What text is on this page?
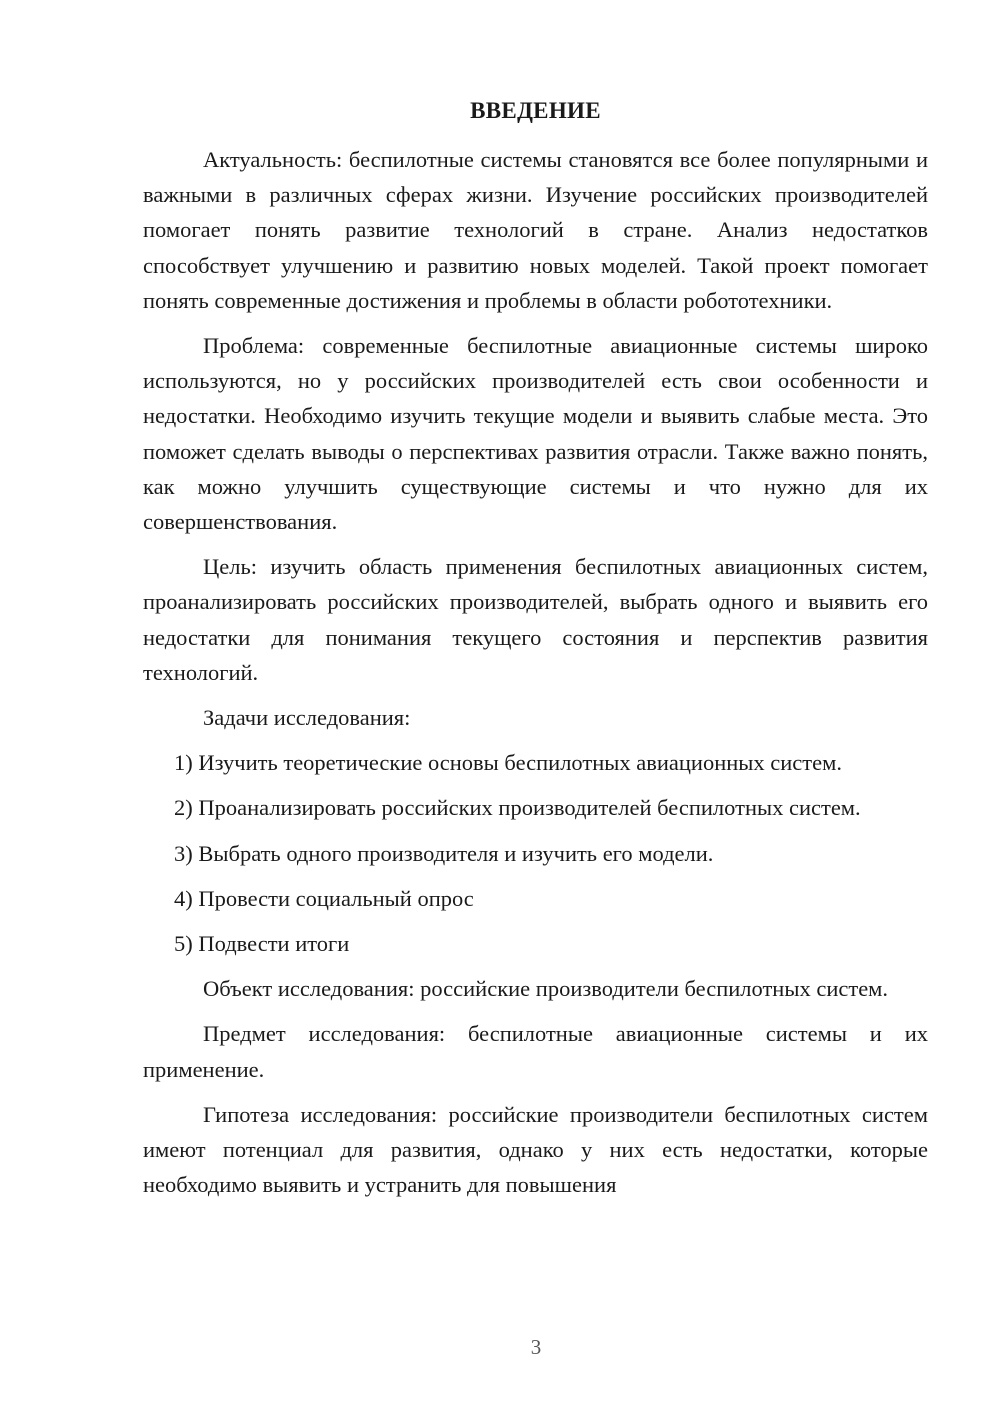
ВВЕДЕНИЕ

Актуальность: беспилотные системы становятся все более популярными и важными в различных сферах жизни. Изучение российских производителей помогает понять развитие технологий в стране. Анализ недостатков способствует улучшению и развитию новых моделей. Такой проект помогает понять современные достижения и проблемы в области робототехники.

Проблема: современные беспилотные авиационные системы широко используются, но у российских производителей есть свои особенности и недостатки. Необходимо изучить текущие модели и выявить слабые места. Это поможет сделать выводы о перспективах развития отрасли. Также важно понять, как можно улучшить существующие системы и что нужно для их совершенствования.

Цель: изучить область применения беспилотных авиационных систем, проанализировать российских производителей, выбрать одного и выявить его недостатки для понимания текущего состояния и перспектив развития технологий.

Задачи исследования:

1) Изучить теоретические основы беспилотных авиационных систем.

2) Проанализировать российских производителей беспилотных систем.

3) Выбрать одного производителя и изучить его модели.

4) Провести социальный опрос

5) Подвести итоги

Объект исследования: российские производители беспилотных систем.

Предмет исследования: беспилотные авиационные системы и их применение.

Гипотеза исследования: российские производители беспилотных систем имеют потенциал для развития, однако у них есть недостатки, которые необходимо выявить и устранить для повышения

3
